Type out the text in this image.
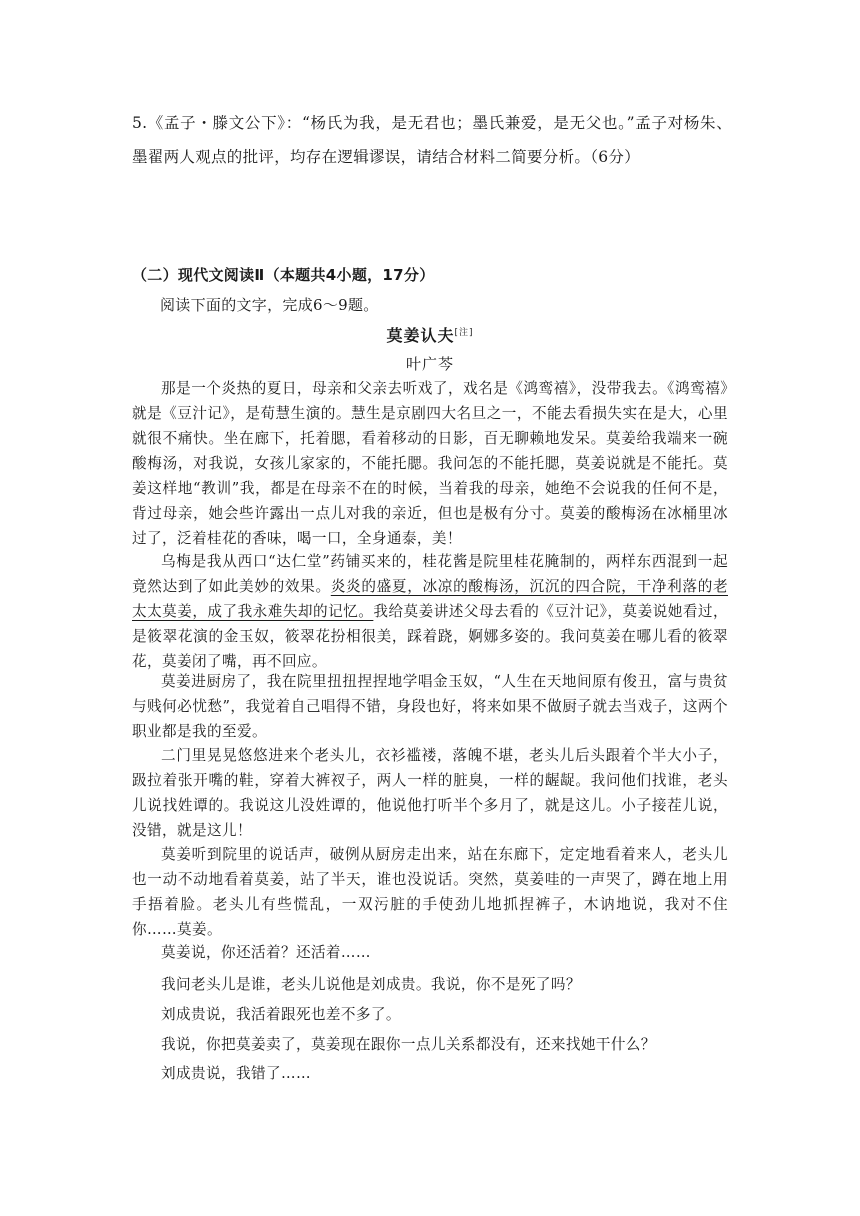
5.《孟子・滕文公下》：“杨氏为我，是无君也；墨氏兼爱，是无父也。”孟子对杨朱、墨翟两人观点的批评，均存在逻辑谬误，请结合材料二简要分析。（6分）
（二）现代文阅读Ⅱ（本题共4小题，17分）
阅读下面的文字，完成6～9题。
莫姜认夫[注]
叶广芩
那是一个炎热的夏日，母亲和父亲去听戏了，戏名是《鸿鸾禧》，没带我去。《鸿鸾禧》就是《豆汁记》，是荀慧生演的。慧生是京剧四大名旦之一，不能去看损失实在是大，心里就很不痛快。坐在廊下，托着腮，看着移动的日影，百无聊赖地发呆。莫姜给我端来一碗酸梅汤，对我说，女孩儿家家的，不能托腮。我问怎的不能托腮，莫姜说就是不能托。莫姜这样地“教训”我，都是在母亲不在的时候，当着我的母亲，她绝不会说我的任何不是，背过母亲，她会些许露出一点儿对我的亲近，但也是极有分寸。莫姜的酸梅汤在冰桶里冰过了，泛着桂花的香味，喝一口，全身通泰，美！
乌梅是我从西口“达仁堂”药铺买来的，桂花酱是院里桂花腌制的，两样东西混到一起竟然达到了如此美妙的效果。炎炎的盛夏，冰凉的酸梅汤，沉沉的四合院，干净利落的老太太莫姜，成了我永难失却的记忆。我给莫姜讲述父母去看的《豆汁记》，莫姜说她看过，是筱翠花演的金玉奴，筱翠花扮相很美，踩着跷，婀娜多姿的。我问莫姜在哪儿看的筱翠花，莫姜闭了嘴，再不回应。
莫姜进厨房了，我在院里扭扭捏捏地学唱金玉奴，“人生在天地间原有俊丑，富与贵贫与贱何必忧愁”，我觉着自己唱得不错，身段也好，将来如果不做厨子就去当戏子，这两个职业都是我的至爱。
二门里晃晃悠悠进来个老头儿，衣衫褴褛，落魄不堪，老头儿后头跟着个半大小子，趿拉着张开嘴的鞋，穿着大裤衩子，两人一样的脏臭，一样的龌龊。我问他们找谁，老头儿说找姓谭的。我说这儿没姓谭的，他说他打听半个多月了，就是这儿。小子接茬儿说，没错，就是这儿！
莫姜听到院里的说话声，破例从厨房走出来，站在东廊下，定定地看着来人，老头儿也一动不动地看着莫姜，站了半天，谁也没说话。突然，莫姜哇的一声哭了，蹲在地上用手捂着脸。老头儿有些慌乱，一双污脏的手使劲儿地抓捏裤子，木讷地说，我对不住你……莫姜。
莫姜说，你还活着？还活着……
我问老头儿是谁，老头儿说他是刘成贵。我说，你不是死了吗？
刘成贵说，我活着跟死也差不多了。
我说，你把莫姜卖了，莫姜现在跟你一点儿关系都没有，还来找她干什么？
刘成贵说，我错了……
